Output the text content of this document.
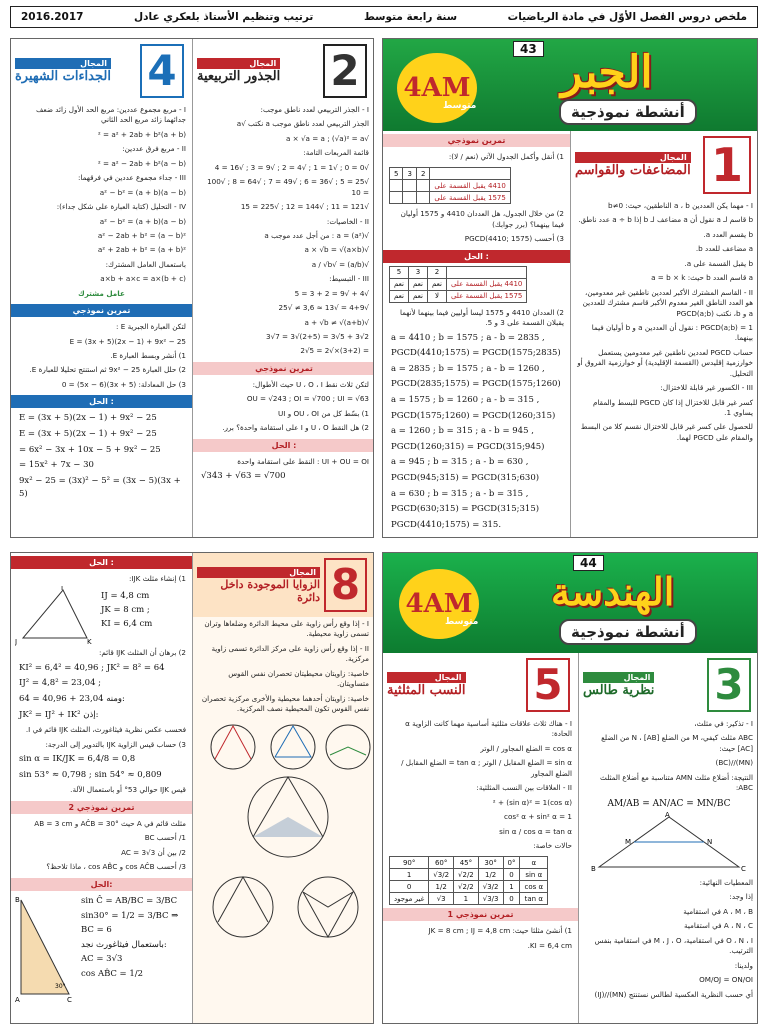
ملخص دروس الفصل الأوّل في مادة الرياضيات
سنة رابعة متوسط
ترتيب وتنظيم الأستاذ بلعكري عادل
2016.2017
2
المجال
الجذور التربيعية
I - الجذر التربيعي لعدد ناطق موجب:
الجذر التربيعي لعدد ناطق موجب a نكتب √a
√a × √a = a ; (√a)² = a
قائمة المربعات التامة:
√0 = 0 ; √1 = 1 ; √4 = 2 ; √9 = 3 ; √16 = 4
√25 = 5 ; √36 = 6 ; √49 = 7 ; √64 = 8 ; √100 = 10
√121 = 11 ; √144 = 12 ; √225 = 15
II - الخاصيات:
√(a²) = a : من أجل عدد موجب a
√a × √b = √(a×b)
√(a/b) = √a / √b
III - التبسيط:
√4 + √9 = 2 + 3 = 5
√4+9 = √13 ≈ 3,6 ≠ √25
√a + √b ≠ √(a+b)
2√3 + 5√3 = (2+5)√3 = 7√3
= (3+2)×√2 = 5√2
تمرين نموذجي
لتكن ثلاث نقط U ، O ، I حيث الأطوال:
OU = √243 ; OI = √700 ; UI = √63
1) بسّط كل من OU ، OI و UI
2) هل النقط U ، O و I على استقامة واحدة؟ برر.
الحل :
UI + OU = OI : النقط على استقامة واحدة
√343 + √63 = √700
4
المجال
الجداءات الشهيرة
I - مربع مجموع عددين: مربع الحد الأول زائد ضعف جدائهما زائد مربع الحد الثاني
(a + b)² = a² + 2ab + b²
II - مربع فرق عددين:
(a − b)² = a² − 2ab + b²
III - جداء مجموع عددين في فرقهما:
a² − b² = (a + b)(a − b)
IV - التحليل (كتابة العبارة على شكل جداء):
a² − b² = (a + b)(a − b)
a² − 2ab + b² = (a − b)²
a² + 2ab + b² = (a + b)²
باستعمال العامل المشترك:
a×b + a×c = a×(b + c)
عامل مشترك
تمرين نموذجي
لتكن العبارة الجبرية E :
E = (3x + 5)(2x − 1) + 9x² − 25
1) أنشر وبسط العبارة E.
2) حلل العبارة 9x² − 25 ثم استنتج تحليلا للعبارة E.
3) حل المعادلة: (3x + 5)(5x − 6) = 0
الحل :
E = (3x + 5)(2x − 1) + 9x² − 25
E = (3x + 5)(2x − 1) + 9x² − 25
= 6x² − 3x + 10x − 5 + 9x² − 25
= 15x² + 7x − 30
9x² − 25 = (3x)² − 5² = (3x − 5)(3x + 5)
43
4AM
متوسط
الجبر
أنشطة نموذجية
1
المجال
المضاعفات والقواسم
I - مهما يكن العددين a ، b الناطقين، حيث: b≠0
b قاسم لـ a نقول أن a مضاعف لـ b إذا a ÷ b عدد ناطق.
b يقسم العدد a.
a مضاعف للعدد b.
b يقبل القسمة على a.
a قاسم العدد b حيث: a = b × k
II - القاسم المشترك الأكبر لعددين ناطقين غير معدومين، هو العدد الناطق الغير معدوم الأكبر قاسم مشترك للعددين a و b، نكتب PGCD(a;b)
PGCD(a;b) = 1 : نقول أن العددين a و b أوليان فيما بينهما.
حساب PGCD لعددين ناطقين غير معدومين يستعمل خوارزمية إقليدس (القسمة الإقليدية) أو خوارزمية الفروق أو التحليل.
III - الكسور غير قابلة للاختزال:
كسر غير قابل للاختزال إذا كان PGCD للبسط والمقام يساوي 1.
للحصول على كسر غير قابل للاختزال نقسم كلا من البسط والمقام على PGCD لهما.
تمرين نموذجي
1) أنقل وأكمل الجدول الآتي (نعم / لا):
	2	3	5
4410 يقبل القسمة على			
1575 يقبل القسمة على			
2) من خلال الجدول، هل العددان 4410 و 1575 أوليان فيما بينهما؟ (برر جوابك)
3) أحسب PGCD(4410; 1575)
الحل :
	2	3	5
4410 يقبل القسمة على	نعم	نعم	نعم
1575 يقبل القسمة على	لا	نعم	نعم
2) العددان 4410 و 1575 ليسا أوليين فيما بينهما لأنهما يقبلان القسمة على 3 و 5.
a = 4410 ; b = 1575 ; a - b = 2835 ,
PGCD(4410;1575) = PGCD(1575;2835)
a = 2835 ; b = 1575 ; a - b = 1260 ,
PGCD(2835;1575) = PGCD(1575;1260)
a = 1575 ; b = 1260 ; a - b = 315 ,
PGCD(1575;1260) = PGCD(1260;315)
a = 1260 ; b = 315 ; a - b = 945 ,
PGCD(1260;315) = PGCD(315;945)
a = 945 ; b = 315 ; a - b = 630 ,
PGCD(945;315) = PGCD(315;630)
a = 630 ; b = 315 ; a - b = 315 ,
PGCD(630;315) = PGCD(315;315)
PGCD(4410;1575) = 315.
8
المجال
الزوايا الموجودة داخل دائرة
I - إذا وقع رأس زاوية على محيط الدائرة وضلعاها وتران تسمى زاوية محيطية.
II - إذا وقع رأس زاوية على مركز الدائرة تسمى زاوية مركزية.
خاصية: زاويتان محيطيتان تحصران نفس القوس متساويتان.
خاصية: زاويتان أحدهما محيطية والأخرى مركزية تحصران نفس القوس تكون المحيطية نصف المركزية.
الحل :
1) إنشاء مثلث IJK:
J
I
K
IJ = 4,8 cm
JK = 8 cm ;
KI = 6,4 cm
2) برهان أن المثلث IJK قائم:
KI² = 6,4² = 40,96 ; JK² = 8² = 64
IJ² = 4,8² = 23,04 ;
64 = 40,96 + 23,04 ومنه:
JK² = IJ² + IK² إذن:
فحسب عكس نظرية فيثاغورث، المثلث IJK قائم في I.
3) حساب قيس الزاوية IJK بالتدوير إلى الدرجة:
sin α = IK/JK = 6,4/8 = 0,8
sin 53° ≈ 0,798 ; sin 54° ≈ 0,809
قيس IJK حوالي 53° أو باستعمال الآلة.
تمرين نموذجي 2
مثلث قائم في A حيث AĈB = 30° و AB = 3 cm
1/ أحسب BC
2/ بين أن AC = 3√3
3/ أحسب cos AĈB و cos AB̂C ، ماذا تلاحظ؟
الحل:
B
A	C
30°
sin Ĉ = AB/BC = 3/BC
sin30° = 1/2 = 3/BC ⇒ BC = 6
باستعمال فيثاغورث نجد: AC = 3√3
cos AB̂C = 1/2
44
4AM
متوسط
الهندسة
أنشطة نموذجية
3
المجال
نظرية طالس
I - تذكير: في مثلث،
ABC مثلث كيفي، M من الضلع [AB] ، N من الضلع [AC] حيث:
(MN)//(BC)
النتيجة: أضلاع مثلث AMN متناسبة مع أضلاع المثلث ABC:
AM/AB = AN/AC = MN/BC
A
M	N
B	C
المعطيات النهائية:
إذا وجد:
A ، M ، B في استقامية
A ، N ، C في استقامية
O ، N ، I في استقامية، M ، J ، O في استقامية بنفس الترتيب.
ولدينا:
OM/OJ = ON/OI
أي حسب النظرية العكسية لطالس نستنتج (MN)//(IJ)
5
المجال
النسب المثلثية
I - هناك ثلاث علاقات مثلثية أساسية مهما كانت الزاوية α الحادة:
cos α = الضلع المجاور / الوتر
sin α = الضلع المقابل / الوتر ; tan α = الضلع المقابل / الضلع المجاور
II - العلاقات بين النسب المثلثية:
(cos α)² + (sin α)² = 1
cos² α + sin² α = 1
sin α / cos α = tan α
حالات خاصة:
90°	60°	45°	30°	0°	α
1	√3/2	√2/2	1/2	0	sin α
0	1/2	√2/2	√3/2	1	cos α
غير موجود	√3	1	√3/3	0	tan α
تمرين نموذجي 1
1) أنشئ مثلثا حيث: JK = 8 cm ; IJ = 4,8 cm
KI = 6,4 cm.
